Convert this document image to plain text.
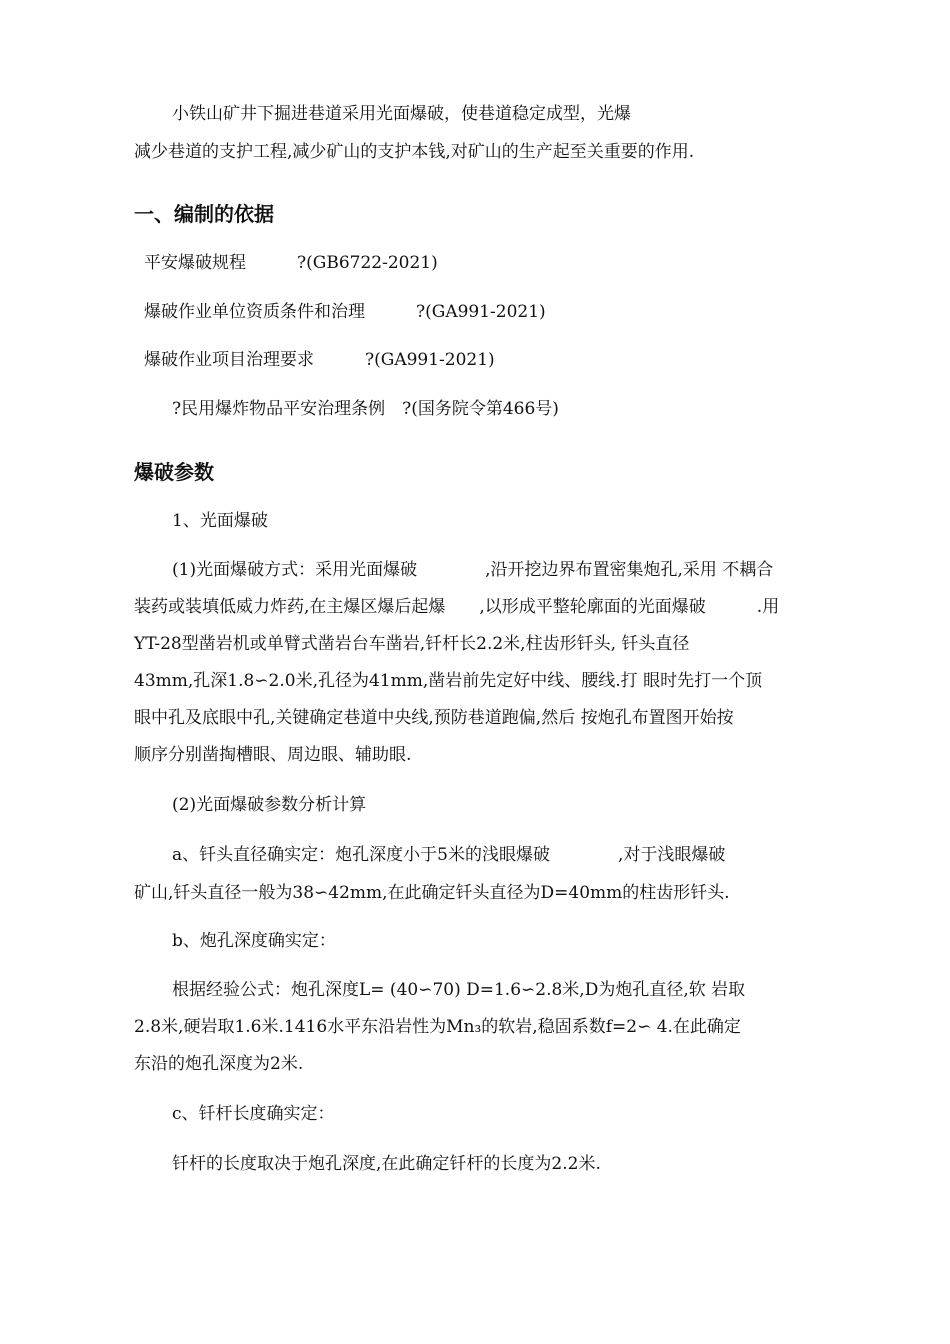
小铁山矿井下掘进巷道采用光面爆破，使巷道稳定成型，光爆
减少巷道的支护工程,减少矿山的支护本钱,对矿山的生产起至关重要的作用.
一、编制的依据
平安爆破规程　　　?(GB6722-2021)
爆破作业单位资质条件和治理　　　?(GA991-2021)
爆破作业项目治理要求　　　?(GA991-2021)
?民用爆炸物品平安治理条例　?(国务院令第466号)
爆破参数
1、光面爆破
(1)光面爆破方式：采用光面爆破　　　　,沿开挖边界布置密集炮孔,采用 不耦合
装药或装填低威力炸药,在主爆区爆后起爆　　,以形成平整轮廓面的光面爆破　　　.用
YT-28型凿岩机或单臂式凿岩台车凿岩,钎杆长2.2米,柱齿形钎头, 钎头直径
43mm,孔深1.8∽2.0米,孔径为41mm,凿岩前先定好中线、腰线.打 眼时先打一个顶
眼中孔及底眼中孔,关键确定巷道中央线,预防巷道跑偏,然后 按炮孔布置图开始按
顺序分别凿掏槽眼、周边眼、辅助眼.
(2)光面爆破参数分析计算
a、钎头直径确实定：炮孔深度小于5米的浅眼爆破　　　　,对于浅眼爆破
矿山,钎头直径一般为38∽42mm,在此确定钎头直径为D=40mm的柱齿形钎头.
b、炮孔深度确实定：
根据经验公式：炮孔深度L= (40∽70) D=1.6∽2.8米,D为炮孔直径,软 岩取
2.8米,硬岩取1.6米.1416水平东沿岩性为Mn₃的软岩,稳固系数f=2∽ 4.在此确定
东沿的炮孔深度为2米.
c、钎杆长度确实定：
钎杆的长度取决于炮孔深度,在此确定钎杆的长度为2.2米.
